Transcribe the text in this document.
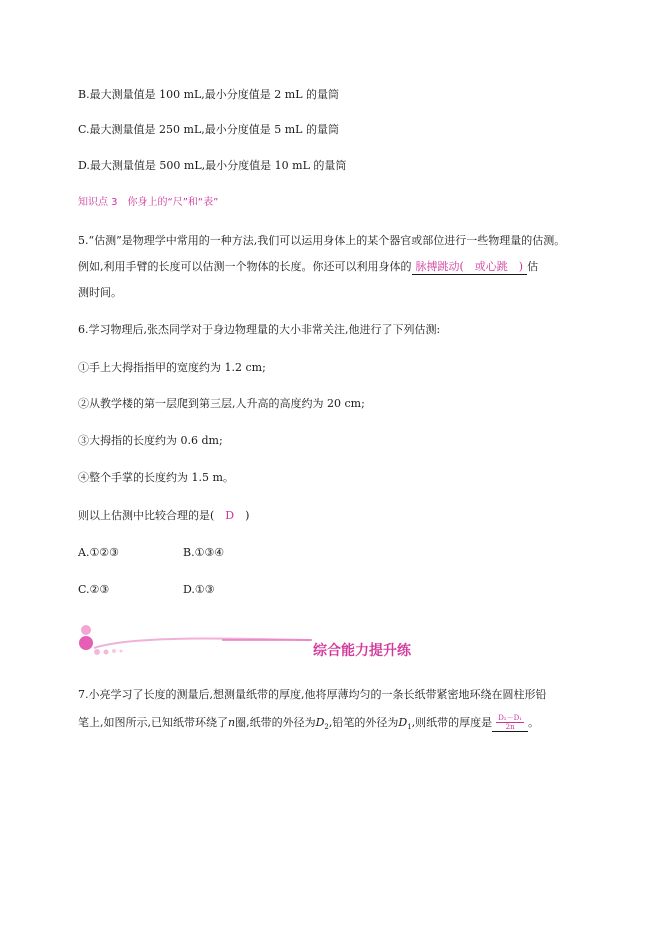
B.最大测量值是 100 mL,最小分度值是 2 mL 的量筒
C.最大测量值是 250 mL,最小分度值是 5 mL 的量筒
D.最大测量值是 500 mL,最小分度值是 10 mL 的量筒
知识点 3　你身上的“尺”和“表”
5.“估测”是物理学中常用的一种方法,我们可以运用身体上的某个器官或部位进行一些物理量的估测。
例如,利用手臂的长度可以估测一个物体的长度。你还可以利用身体的 脉搏跳动(　或心跳　) 估
测时间。
6.学习物理后,张杰同学对于身边物理量的大小非常关注,他进行了下列估测:
①手上大拇指指甲的宽度约为 1.2 cm;
②从教学楼的第一层爬到第三层,人升高的高度约为 20 cm;
③大拇指的长度约为 0.6 dm;
④整个手掌的长度约为 1.5 m。
则以上估测中比较合理的是(　D　)
A.①②③	B.①③④
C.②③	D.①③
综合能力提升练
7.小亮学习了长度的测量后,想测量纸带的厚度,他将厚薄均匀的一条长纸带紧密地环绕在圆柱形铅
笔上,如图所示,已知纸带环绕了n圈,纸带的外径为$D_2$,铅笔的外径为$D_1$,则纸带的厚度是 $\frac{\text{D₂－D₁}}{2n}$ 。
